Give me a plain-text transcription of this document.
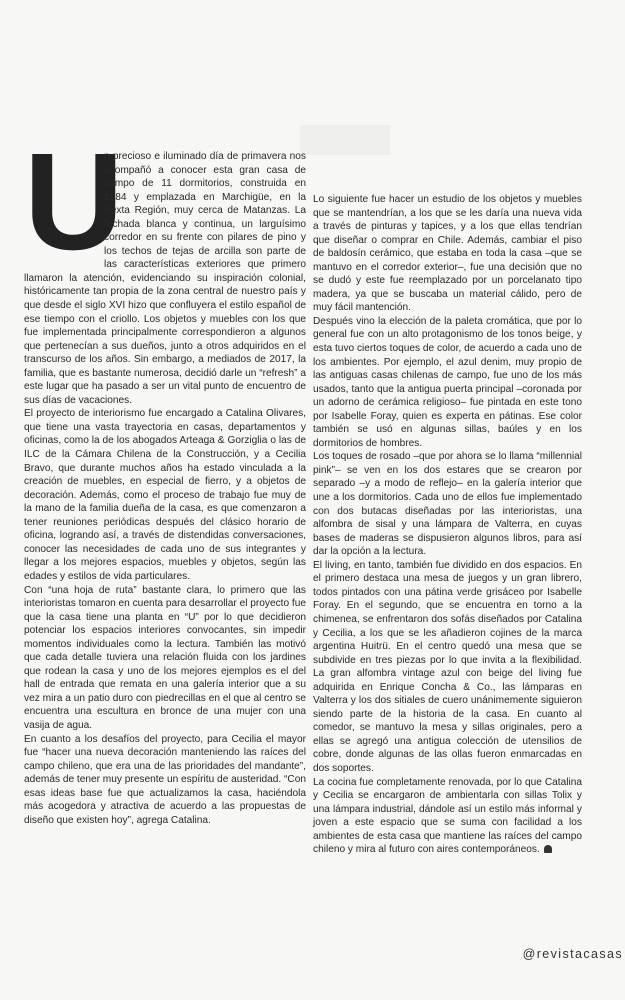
U

n precioso e iluminado día de primavera nos acompañó a conocer esta gran casa de campo de 11 dormitorios, construida en 1984 y emplazada en Marchigüe, en la Sexta Región, muy cerca de Matanzas. La fachada blanca y continua, un larguísimo corredor en su frente con pilares de pino y los techos de tejas de arcilla son parte de las características exteriores que primero llamaron la atención, evidenciando su inspiración colonial, históricamente tan propia de la zona central de nuestro país y que desde el siglo XVI hizo que confluyera el estilo español de ese tiempo con el criollo. Los objetos y muebles con los que fue implementada principalmente correspondieron a algunos que pertenecían a sus dueños, junto a otros adquiridos en el transcurso de los años. Sin embargo, a mediados de 2017, la familia, que es bastante numerosa, decidió darle un “refresh” a este lugar que ha pasado a ser un vital punto de encuentro de sus días de vacaciones.

El proyecto de interiorismo fue encargado a Catalina Olivares, que tiene una vasta trayectoria en casas, departamentos y oficinas, como la de los abogados Arteaga & Gorziglia o las de ILC de la Cámara Chilena de la Construcción, y a Cecilia Bravo, que durante muchos años ha estado vinculada a la creación de muebles, en especial de fierro, y a objetos de decoración. Además, como el proceso de trabajo fue muy de la mano de la familia dueña de la casa, es que comenzaron a tener reuniones periódicas después del clásico horario de oficina, logrando así, a través de distendidas conversaciones, conocer las necesidades de cada uno de sus integrantes y llegar a los mejores espacios, muebles y objetos, según las edades y estilos de vida particulares.

Con “una hoja de ruta” bastante clara, lo primero que las interioristas tomaron en cuenta para desarrollar el proyecto fue que la casa tiene una planta en “U” por lo que decidieron potenciar los espacios interiores convocantes, sin impedir momentos individuales como la lectura. También las motivó que cada detalle tuviera una relación fluida con los jardines que rodean la casa y uno de los mejores ejemplos es el del hall de entrada que remata en una galería interior que a su vez mira a un patio duro con piedrecillas en el que al centro se encuentra una escultura en bronce de una mujer con una vasija de agua.

En cuanto a los desafíos del proyecto, para Cecilia el mayor fue “hacer una nueva decoración manteniendo las raíces del campo chileno, que era una de las prioridades del mandante”, además de tener muy presente un espíritu de austeridad. “Con esas ideas base fue que actualizamos la casa, haciéndola más acogedora y atractiva de acuerdo a las propuestas de diseño que existen hoy”, agrega Catalina.

Lo siguiente fue hacer un estudio de los objetos y muebles que se mantendrían, a los que se les daría una nueva vida a través de pinturas y tapices, y a los que ellas tendrían que diseñar o comprar en Chile. Además, cambiar el piso de baldosín cerámico, que estaba en toda la casa –que se mantuvo en el corredor exterior–, fue una decisión que no se dudó y este fue reemplazado por un porcelanato tipo madera, ya que se buscaba un material cálido, pero de muy fácil mantención.

Después vino la elección de la paleta cromática, que por lo general fue con un alto protagonismo de los tonos beige, y esta tuvo ciertos toques de color, de acuerdo a cada uno de los ambientes. Por ejemplo, el azul denim, muy propio de las antiguas casas chilenas de campo, fue uno de los más usados, tanto que la antigua puerta principal –coronada por un adorno de cerámica religioso– fue pintada en este tono por Isabelle Foray, quien es experta en pátinas. Ese color también se usó en algunas sillas, baúles y en los dormitorios de hombres.

Los toques de rosado –que por ahora se lo llama “millennial pink”– se ven en los dos estares que se crearon por separado –y a modo de reflejo– en la galería interior que une a los dormitorios. Cada uno de ellos fue implementado con dos butacas diseñadas por las interioristas, una alfombra de sisal y una lámpara de Valterra, en cuyas bases de maderas se dispusieron algunos libros, para así dar la opción a la lectura.

El living, en tanto, también fue dividido en dos espacios. En el primero destaca una mesa de juegos y un gran librero, todos pintados con una pátina verde grisáceo por Isabelle Foray. En el segundo, que se encuentra en torno a la chimenea, se enfrentaron dos sofás diseñados por Catalina y Cecilia, a los que se les añadieron cojines de la marca argentina Huitrü. En el centro quedó una mesa que se subdivide en tres piezas por lo que invita a la flexibilidad. La gran alfombra vintage azul con beige del living fue adquirida en Enrique Concha & Co., las lámparas en Valterra y los dos sitiales de cuero unánimemente siguieron siendo parte de la historia de la casa. En cuanto al comedor, se mantuvo la mesa y sillas originales, pero a ellas se agregó una antigua colección de utensilios de cobre, donde algunas de las ollas fueron enmarcadas en dos soportes.

La cocina fue completamente renovada, por lo que Catalina y Cecilia se encargaron de ambientarla con sillas Tolix y una lámpara industrial, dándole así un estilo más informal y joven a este espacio que se suma con facilidad a los ambientes de esta casa que mantiene las raíces del campo chileno y mira al futuro con aires contemporáneos.

@revistacasas
